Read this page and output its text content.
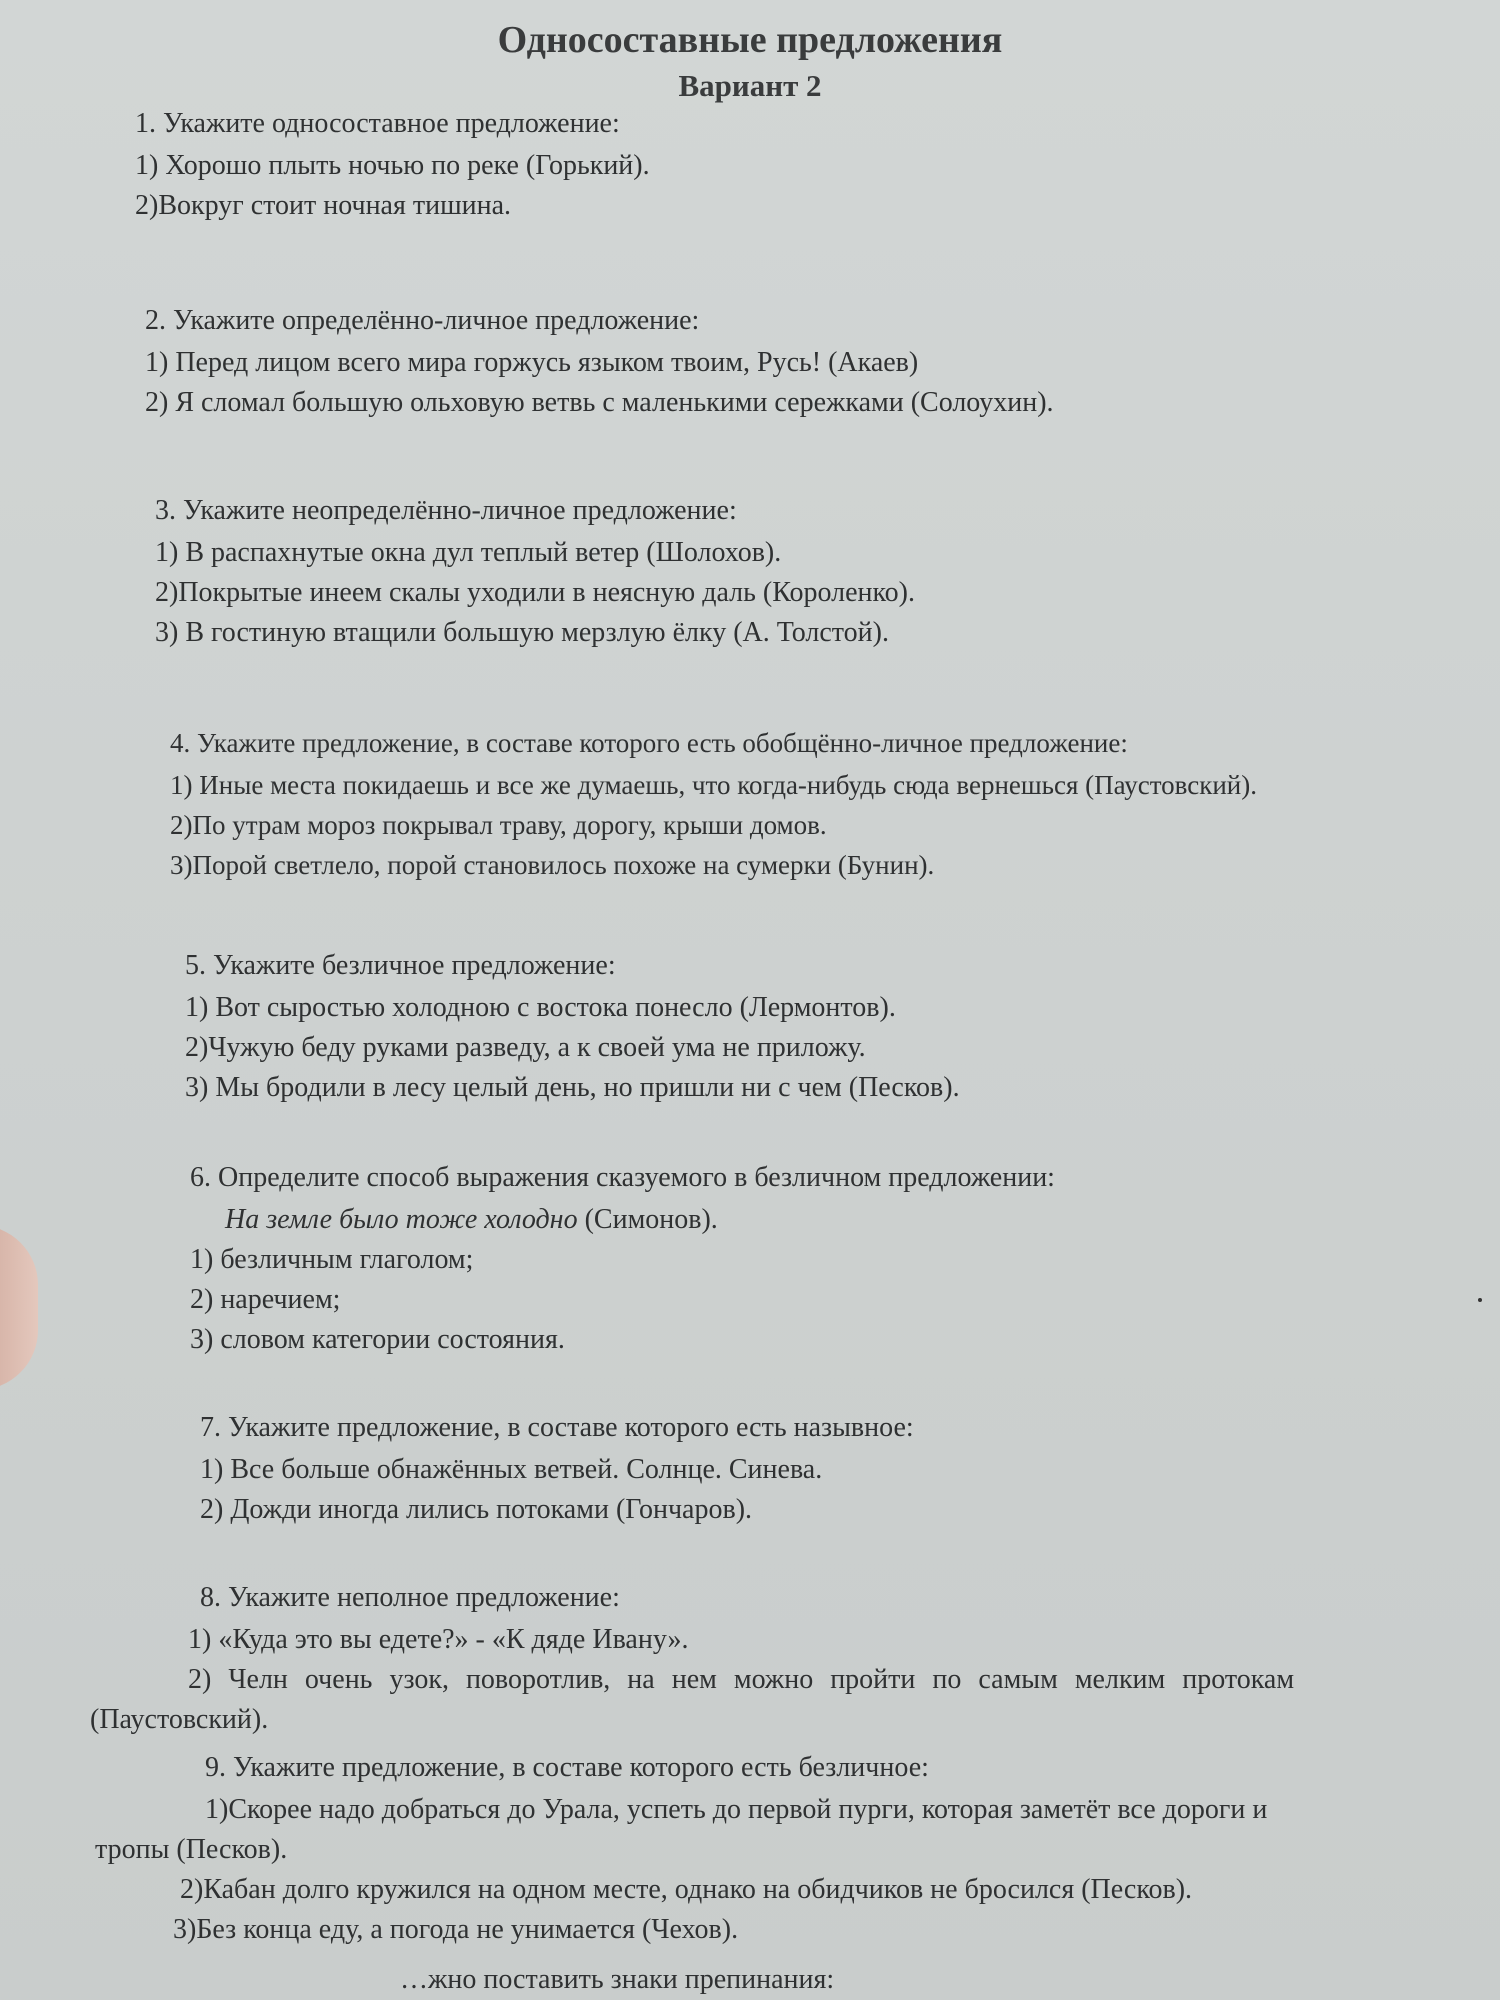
Односоставные предложения
Вариант 2
1. Укажите односоставное предложение:
1) Хорошо плыть ночью по реке (Горький).
2)Вокруг стоит ночная тишина.
2. Укажите определённо-личное предложение:
1) Перед лицом всего мира горжусь языком твоим, Русь! (Акаев)
2) Я сломал большую ольховую ветвь с маленькими сережками (Солоухин).
3. Укажите неопределённо-личное предложение:
1) В распахнутые окна дул теплый ветер (Шолохов).
2)Покрытые инеем скалы уходили в неясную даль (Короленко).
3) В гостиную втащили большую мерзлую ёлку (А. Толстой).
4. Укажите предложение, в составе которого есть обобщённо-личное предложение:
1) Иные места покидаешь и все же думаешь, что когда-нибудь сюда вернешься (Паустовский).
2)По утрам мороз покрывал траву, дорогу, крыши домов.
3)Порой светлело, порой становилось похоже на сумерки (Бунин).
5. Укажите безличное предложение:
1) Вот сыростью холодною с востока понесло (Лермонтов).
2)Чужую беду руками разведу, а к своей ума не приложу.
3) Мы бродили в лесу целый день, но пришли ни с чем (Песков).
6. Определите способ выражения сказуемого в безличном предложении:
На земле было тоже холодно (Симонов).
1) безличным глаголом;
2) наречием;
3) словом категории состояния.
7. Укажите предложение, в составе которого есть назывное:
1) Все больше обнажённых ветвей. Солнце. Синева.
2) Дожди иногда лились потоками (Гончаров).
8. Укажите неполное предложение:
1) «Куда это вы едете?» - «К дяде Ивану».
2) Челн очень узок, поворотлив, на нем можно пройти по самым мелким протокам
(Паустовский).
9. Укажите предложение, в составе которого есть безличное:
1)Скорее надо добраться до Урала, успеть до первой пурги, которая заметёт все дороги и
тропы (Песков).
2)Кабан долго кружился на одном месте, однако на обидчиков не бросился (Песков).
3)Без конца еду, а погода не унимается (Чехов).
…жно поставить знаки препинания:
